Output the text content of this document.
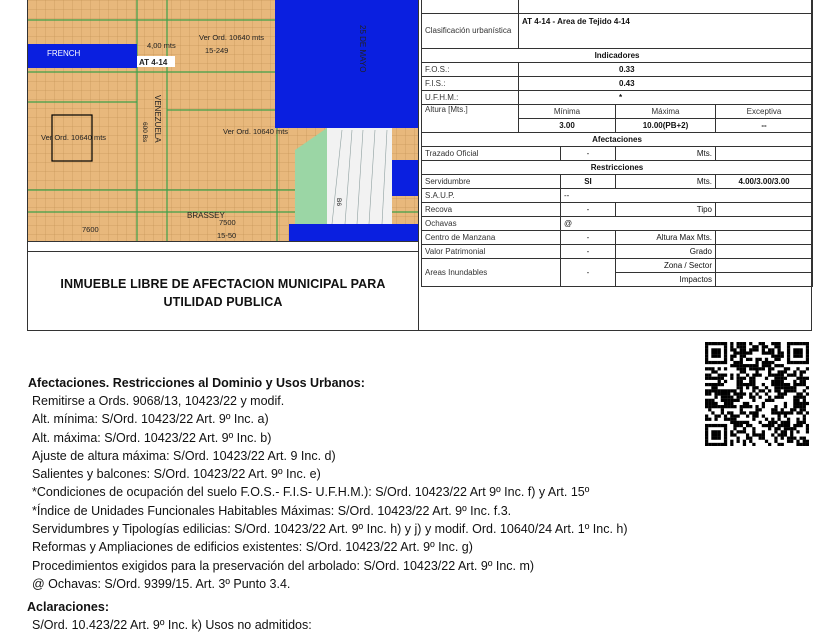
FRENCH
AT 4-14
4,00 mts
Ver Ord. 10640 mts
15-249
Ver Ord. 10640 mts
Ver Ord. 10640 mts
BRASSEY
7600
7500
15-50
VENEZUELA
600 Bs
25 DE MAYO
B6
INMUEBLE LIBRE DE AFECTACION MUNICIPAL PARA UTILIDAD PUBLICA

Clasificación urbanística	AT 4-14 - Area de Tejido 4-14			
Indicadores				
F.O.S.:	0.33			
F.I.S.:	0.43			
U.F.H.M.:	*			
Altura [Mts.]	Mínima		Máxima	Exceptiva
	3.00		10.00(PB+2)	--
Afectaciones				
Trazado Oficial		-	Mts.	
Restricciones				
Servidumbre		SI	Mts.	4.00/3.00/3.00
S.A.U.P.		--		
Recova		-	Tipo	
Ochavas		@		
Centro de Manzana		-	Altura Max Mts.	
Valor Patrimonial		-	Grado	
Areas Inundables		-	Zona / Sector	
			Impactos	
Afectaciones. Restricciones al Dominio y Usos Urbanos:
Remitirse a Ords. 9068/13, 10423/22 y modif.
Alt. mínima: S/Ord. 10423/22 Art. 9º Inc. a)
Alt. máxima: S/Ord. 10423/22 Art. 9º Inc. b)
Ajuste de altura máxima: S/Ord. 10423/22 Art. 9 Inc. d)
Salientes y balcones: S/Ord. 10423/22 Art. 9º Inc. e)
*Condiciones de ocupación del suelo F.O.S.- F.I.S- U.F.H.M.): S/Ord. 10423/22 Art 9º Inc. f) y Art. 15º
*Índice de Unidades Funcionales Habitables Máximas: S/Ord. 10423/22 Art. 9º Inc. f.3.
Servidumbres y Tipologías edilicias: S/Ord. 10423/22 Art. 9º Inc. h) y j) y modif. Ord. 10640/24 Art. 1º Inc. h)
Reformas y Ampliaciones de edificios existentes: S/Ord. 10423/22 Art. 9º Inc. g)
Procedimientos exigidos para la preservación del arbolado: S/Ord. 10423/22 Art. 9º Inc. m)
@ Ochavas: S/Ord. 9399/15. Art. 3º Punto 3.4.
Aclaraciones:
S/Ord. 10.423/22 Art. 9º Inc. k) Usos no admitidos:
